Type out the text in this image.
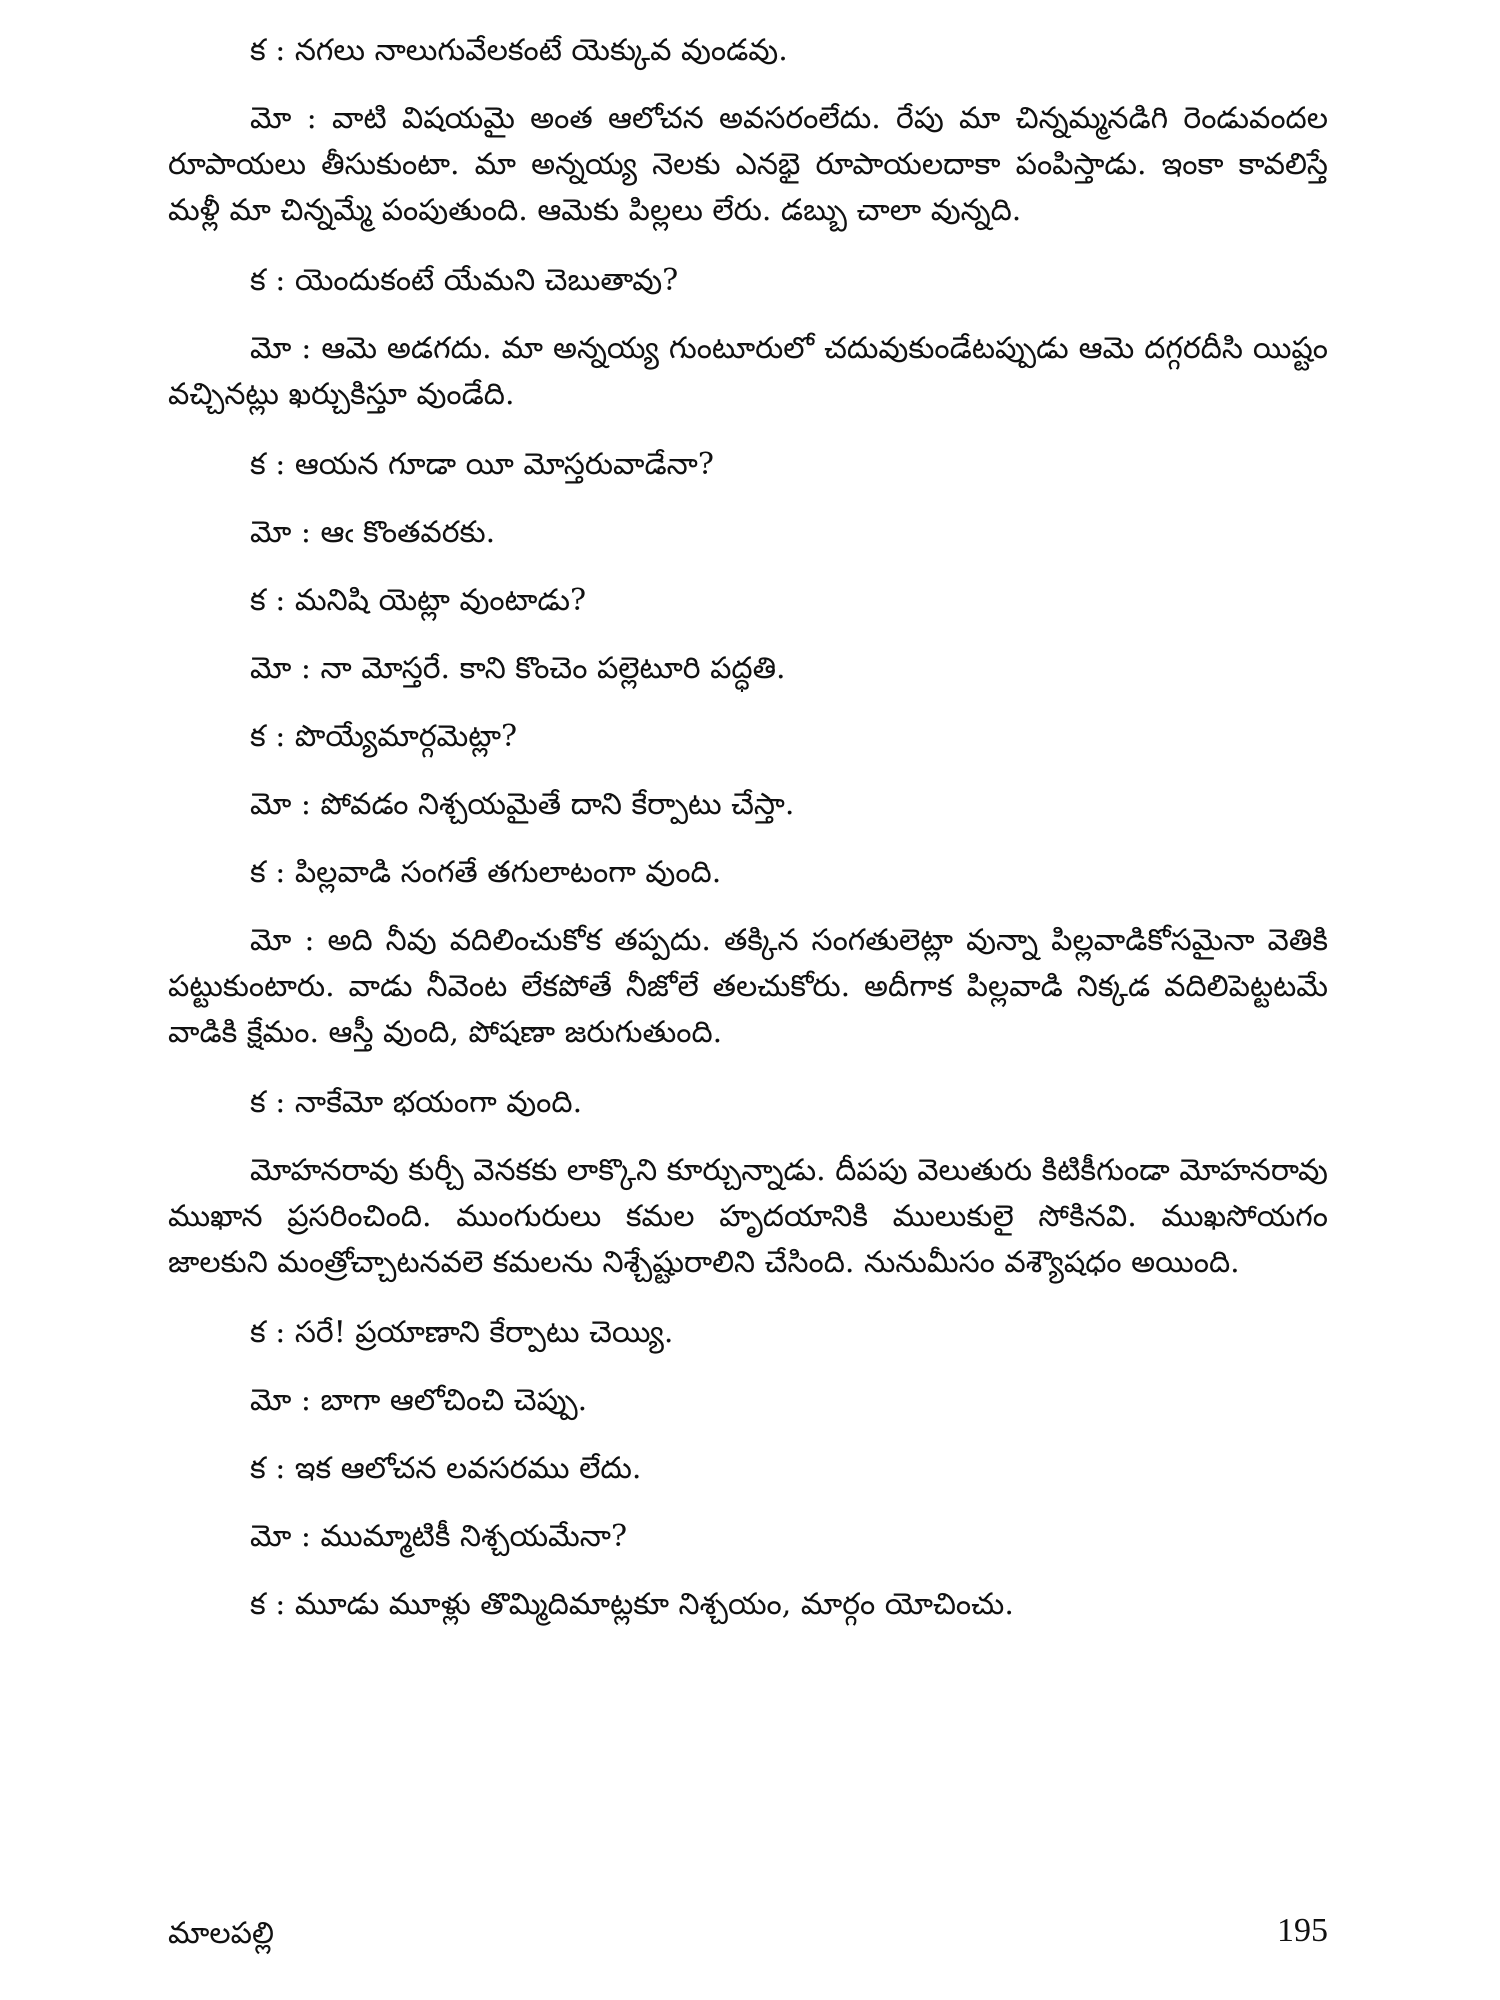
క : నగలు నాలుగువేలకంటే యెక్కువ వుండవు.

మో : వాటి విషయమై అంత ఆలోచన అవసరంలేదు. రేపు మా చిన్నమ్మనడిగి రెండువందల రూపాయలు తీసుకుంటా. మా అన్నయ్య నెలకు ఎనభై రూపాయలదాకా పంపిస్తాడు. ఇంకా కావలిస్తే మళ్లీ మా చిన్నమ్మే పంపుతుంది. ఆమెకు పిల్లలు లేరు. డబ్బు చాలా వున్నది.

క : యెందుకంటే యేమని చెబుతావు?

మో : ఆమె అడగదు. మా అన్నయ్య గుంటూరులో చదువుకుండేటప్పుడు ఆమె దగ్గరదీసి యిష్టం వచ్చినట్లు ఖర్చుకిస్తూ వుండేది.

క : ఆయన గూడా యీ మోస్తరువాడేనా?

మో : ఆఁ కొంతవరకు.

క : మనిషి యెట్లా వుంటాడు?

మో : నా మోస్తరే. కాని కొంచెం పల్లెటూరి పద్ధతి.

క : పొయ్యేమార్గమెట్లా?

మో : పోవడం నిశ్చయమైతే దాని కేర్పాటు చేస్తా.

క : పిల్లవాడి సంగతే తగులాటంగా వుంది.

మో : అది నీవు వదిలించుకోక తప్పదు. తక్కిన సంగతులెట్లా వున్నా పిల్లవాడికోసమైనా వెతికి పట్టుకుంటారు. వాడు నీవెంట లేకపోతే నీజోలే తలచుకోరు. అదీగాక పిల్లవాడి నిక్కడ వదిలిపెట్టటమే వాడికి క్షేమం. ఆస్తీ వుంది, పోషణా జరుగుతుంది.

క : నాకేమో భయంగా వుంది.

మోహనరావు కుర్చీ వెనకకు లాక్కొని కూర్చున్నాడు. దీపపు వెలుతురు కిటికీగుండా మోహనరావు ముఖాన ప్రసరించింది. ముంగురులు కమల హృదయానికి ములుకులై సోకినవి. ముఖసోయగం జాలకుని మంత్రోచ్చాటనవలె కమలను నిశ్చేష్టురాలిని చేసింది. నునుమీసం వశ్యౌషధం అయింది.

క : సరే! ప్రయాణాని కేర్పాటు చెయ్యి.

మో : బాగా ఆలోచించి చెప్పు.

క : ఇక ఆలోచన లవసరము లేదు.

మో : ముమ్మాటికీ నిశ్చయమేనా?

క : మూడు మూళ్లు తొమ్మిదిమాట్లకూ నిశ్చయం, మార్గం యోచించు.

మాలపల్లి	195
